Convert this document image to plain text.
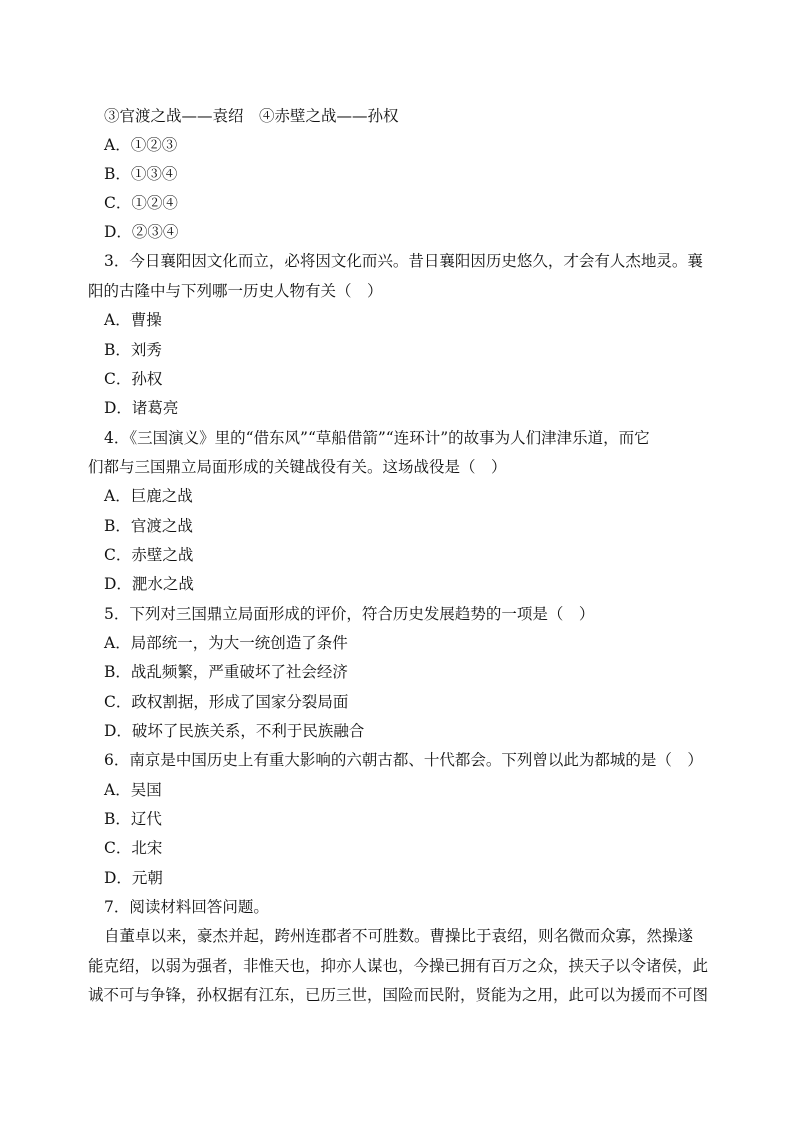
③官渡之战——袁绍　④赤壁之战——孙权
A．①②③
B．①③④
C．①②④
D．②③④
3．今日襄阳因文化而立，必将因文化而兴。昔日襄阳因历史悠久，才会有人杰地灵。襄
阳的古隆中与下列哪一历史人物有关（　）
A．曹操
B．刘秀
C．孙权
D．诸葛亮
4．《三国演义》里的“借东风”“草船借箭”“连环计”的故事为人们津津乐道，而它
们都与三国鼎立局面形成的关键战役有关。这场战役是（　）
A．巨鹿之战
B．官渡之战
C．赤壁之战
D．淝水之战
5．下列对三国鼎立局面形成的评价，符合历史发展趋势的一项是（　）
A．局部统一，为大一统创造了条件
B．战乱频繁，严重破坏了社会经济
C．政权割据，形成了国家分裂局面
D．破坏了民族关系，不利于民族融合
6．南京是中国历史上有重大影响的六朝古都、十代都会。下列曾以此为都城的是（　）
A．吴国
B．辽代
C．北宋
D．元朝
7．阅读材料回答问题。
自董卓以来，豪杰并起，跨州连郡者不可胜数。曹操比于袁绍，则名微而众寡，然操遂
能克绍，以弱为强者，非惟天也，抑亦人谋也，今操已拥有百万之众，挟天子以令诸侯，此
诚不可与争锋，孙权据有江东，已历三世，国险而民附，贤能为之用，此可以为援而不可图
